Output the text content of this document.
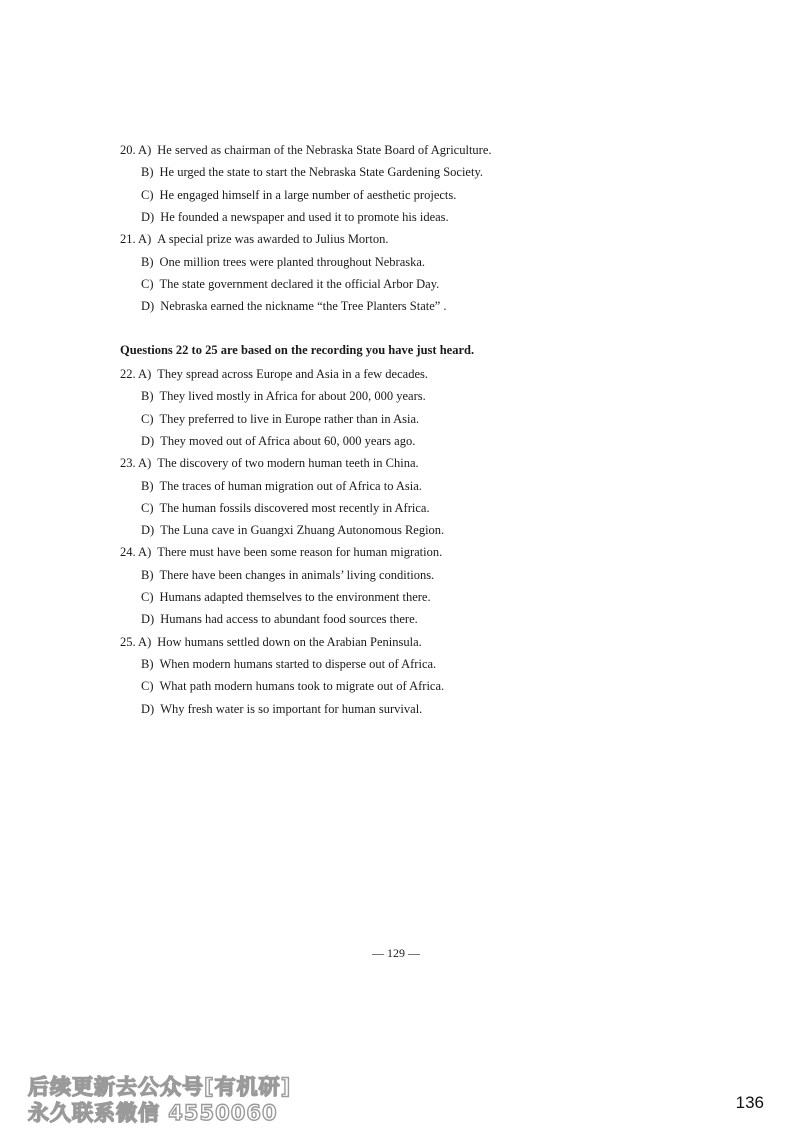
20. A) He served as chairman of the Nebraska State Board of Agriculture.
B) He urged the state to start the Nebraska State Gardening Society.
C) He engaged himself in a large number of aesthetic projects.
D) He founded a newspaper and used it to promote his ideas.
21. A) A special prize was awarded to Julius Morton.
B) One million trees were planted throughout Nebraska.
C) The state government declared it the official Arbor Day.
D) Nebraska earned the nickname “the Tree Planters State” .
Questions 22 to 25 are based on the recording you have just heard.
22. A) They spread across Europe and Asia in a few decades.
B) They lived mostly in Africa for about 200, 000 years.
C) They preferred to live in Europe rather than in Asia.
D) They moved out of Africa about 60, 000 years ago.
23. A) The discovery of two modern human teeth in China.
B) The traces of human migration out of Africa to Asia.
C) The human fossils discovered most recently in Africa.
D) The Luna cave in Guangxi Zhuang Autonomous Region.
24. A) There must have been some reason for human migration.
B) There have been changes in animals’ living conditions.
C) Humans adapted themselves to the environment there.
D) Humans had access to abundant food sources there.
25. A) How humans settled down on the Arabian Peninsula.
B) When modern humans started to disperse out of Africa.
C) What path modern humans took to migrate out of Africa.
D) Why fresh water is so important for human survival.
— 129 —
后续更新去公众号[有机研]
永久联系微信 4550060	136
